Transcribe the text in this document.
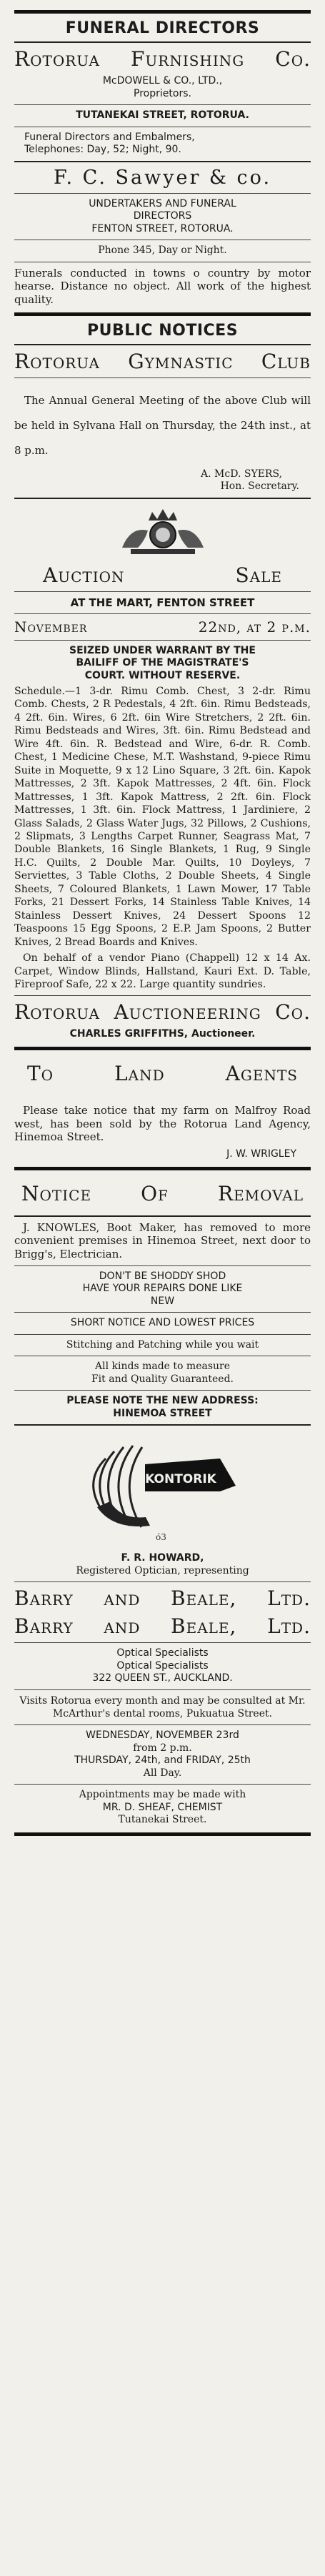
FUNERAL DIRECTORS
Rotorua Furnishing Co.
McDOWELL & CO., LTD.,
Proprietors.
TUTANEKAI STREET, ROTORUA.
Funeral Directors and Embalmers,
Telephones: Day, 52; Night, 90.
F. C. Sawyer & co.
UNDERTAKERS AND FUNERAL
DIRECTORS
FENTON STREET, ROTORUA.
Phone 345, Day or Night.
Funerals conducted in towns o country by motor hearse. Distance no object. All work of the highest quality.
PUBLIC NOTICES
Rotorua Gymnastic Club
The Annual General Meeting of the above Club will be held in Sylvana Hall on Thursday, the 24th inst., at 8 p.m.
A. McD. SYERS,
Hon. Secretary.
Auction	Sale
AT THE MART, FENTON STREET
November	22nd, at 2 p.m.
SEIZED UNDER WARRANT BY THE
BAILIFF OF THE MAGISTRATE'S
COURT. WITHOUT RESERVE.
Schedule.—1 3-dr. Rimu Comb. Chest, 3 2-dr. Rimu Comb. Chests, 2 R Pedestals, 4 2ft. 6in. Rimu Bedsteads, 4 2ft. 6in. Wires, 6 2ft. 6in Wire Stretchers, 2 2ft. 6in. Rimu Bedsteads and Wires, 3ft. 6in. Rimu Bedstead and Wire 4ft. 6in. R. Bedstead and Wire, 6-dr. R. Comb. Chest, 1 Medicine Chese, M.T. Washstand, 9-piece Rimu Suite in Moquette, 9 x 12 Lino Square, 3 2ft. 6in. Kapok Mattresses, 2 3ft. Kapok Mattresses, 2 4ft. 6in. Flock Mattresses, 1 3ft. Kapok Mattress, 2 2ft. 6in. Flock Mattresses, 1 3ft. 6in. Flock Mattress, 1 Jardiniere, 2 Glass Salads, 2 Glass Water Jugs, 32 Pillows, 2 Cushions, 2 Slipmats, 3 Lengths Carpet Runner, Seagrass Mat, 7 Double Blankets, 16 Single Blankets, 1 Rug, 9 Single H.C. Quilts, 2 Double Mar. Quilts, 10 Doyleys, 7 Serviettes, 3 Table Cloths, 2 Double Sheets, 4 Single Sheets, 7 Coloured Blankets, 1 Lawn Mower, 17 Table Forks, 21 Dessert Forks, 14 Stainless Table Knives, 14 Stainless Dessert Knives, 24 Dessert Spoons 12 Teaspoons 15 Egg Spoons, 2 E.P. Jam Spoons, 2 Butter Knives, 2 Bread Boards and Knives.
On behalf of a vendor Piano (Chappell) 12 x 14 Ax. Carpet, Window Blinds, Hallstand, Kauri Ext. D. Table, Fireproof Safe, 22 x 22. Large quantity sundries.
Rotorua Auctioneering Co.
CHARLES GRIFFITHS, Auctioneer.
To	Land	Agents
Please take notice that my farm on Malfroy Road west, has been sold by the Rotorua Land Agency, Hinemoa Street.
J. W. WRIGLEY
Notice Of Removal
J. KNOWLES, Boot Maker, has removed to more convenient premises in Hinemoa Street, next door to Brigg's, Electrician.
DON'T BE SHODDY SHOD
HAVE YOUR REPAIRS DONE LIKE
NEW
SHORT NOTICE AND LOWEST PRICES
Stitching and Patching while you wait
All kinds made to measure
Fit and Quality Guaranteed.
PLEASE NOTE THE NEW ADDRESS:
HINEMOA STREET
KONTORIK
ó3
F. R. HOWARD,
Registered Optician, representing
Barry and Beale, Ltd.
Barry and Beale, Ltd.
Optical Specialists
Optical Specialists
322 QUEEN ST., AUCKLAND.
Visits Rotorua every month and may be consulted at Mr. McArthur's dental rooms, Pukuatua Street.
WEDNESDAY, NOVEMBER 23rd
from 2 p.m.
THURSDAY, 24th, and FRIDAY, 25th
All Day.
Appointments may be made with
MR. D. SHEAF, CHEMIST
Tutanekai Street.
